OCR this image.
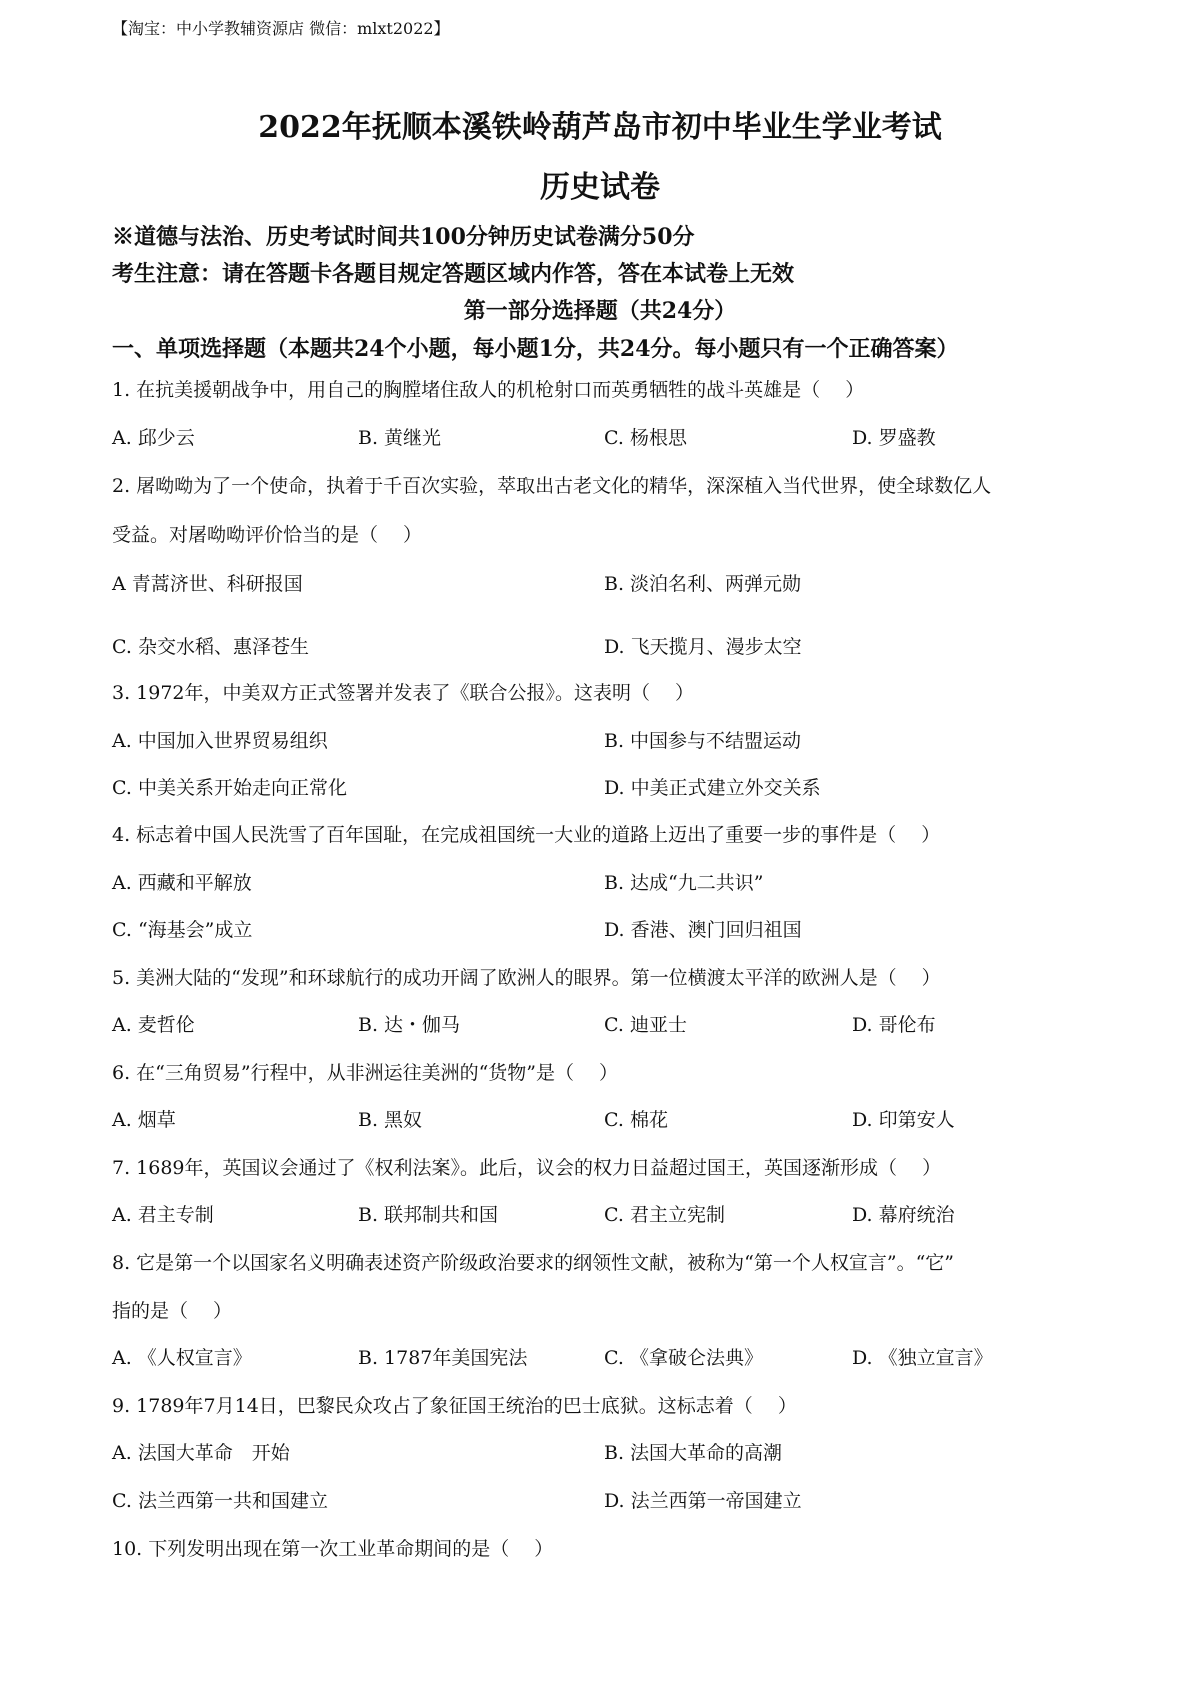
【淘宝：中小学教辅资源店 微信：mlxt2022】
2022年抚顺本溪铁岭葫芦岛市初中毕业生学业考试
历史试卷
※道德与法治、历史考试时间共100分钟历史试卷满分50分
考生注意：请在答题卡各题目规定答题区域内作答，答在本试卷上无效
第一部分选择题（共24分）
一、单项选择题（本题共24个小题，每小题1分，共24分。每小题只有一个正确答案）
1. 在抗美援朝战争中，用自己的胸膛堵住敌人的机枪射口而英勇牺牲的战斗英雄是（　 ）
A. 邱少云	B. 黄继光	C. 杨根思	D. 罗盛教
2. 屠呦呦为了一个使命，执着于千百次实验，萃取出古老文化的精华，深深植入当代世界，使全球数亿人
受益。对屠呦呦评价恰当的是（　 ）
A 青蒿济世、科研报国	B. 淡泊名利、两弹元勋
C. 杂交水稻、惠泽苍生	D. 飞天揽月、漫步太空
3. 1972年，中美双方正式签署并发表了《联合公报》。这表明（　 ）
A. 中国加入世界贸易组织	B. 中国参与不结盟运动
C. 中美关系开始走向正常化	D. 中美正式建立外交关系
4. 标志着中国人民洗雪了百年国耻，在完成祖国统一大业的道路上迈出了重要一步的事件是（　 ）
A. 西藏和平解放	B. 达成“九二共识”
C. “海基会”成立	D. 香港、澳门回归祖国
5. 美洲大陆的“发现”和环球航行的成功开阔了欧洲人的眼界。第一位横渡太平洋的欧洲人是（　 ）
A. 麦哲伦	B. 达・伽马	C. 迪亚士	D. 哥伦布
6. 在“三角贸易”行程中，从非洲运往美洲的“货物”是（　 ）
A. 烟草	B. 黑奴	C. 棉花	D. 印第安人
7. 1689年，英国议会通过了《权利法案》。此后，议会的权力日益超过国王，英国逐渐形成（　 ）
A. 君主专制	B. 联邦制共和国	C. 君主立宪制	D. 幕府统治
8. 它是第一个以国家名义明确表述资产阶级政治要求的纲领性文献，被称为“第一个人权宣言”。“它”
指的是（　 ）
A. 《人权宣言》	B. 1787年美国宪法	C. 《拿破仑法典》	D. 《独立宣言》
9. 1789年7月14日，巴黎民众攻占了象征国王统治的巴士底狱。这标志着（　 ）
A. 法国大革命　开始	B. 法国大革命的高潮
C. 法兰西第一共和国建立	D. 法兰西第一帝国建立
10. 下列发明出现在第一次工业革命期间的是（　 ）
